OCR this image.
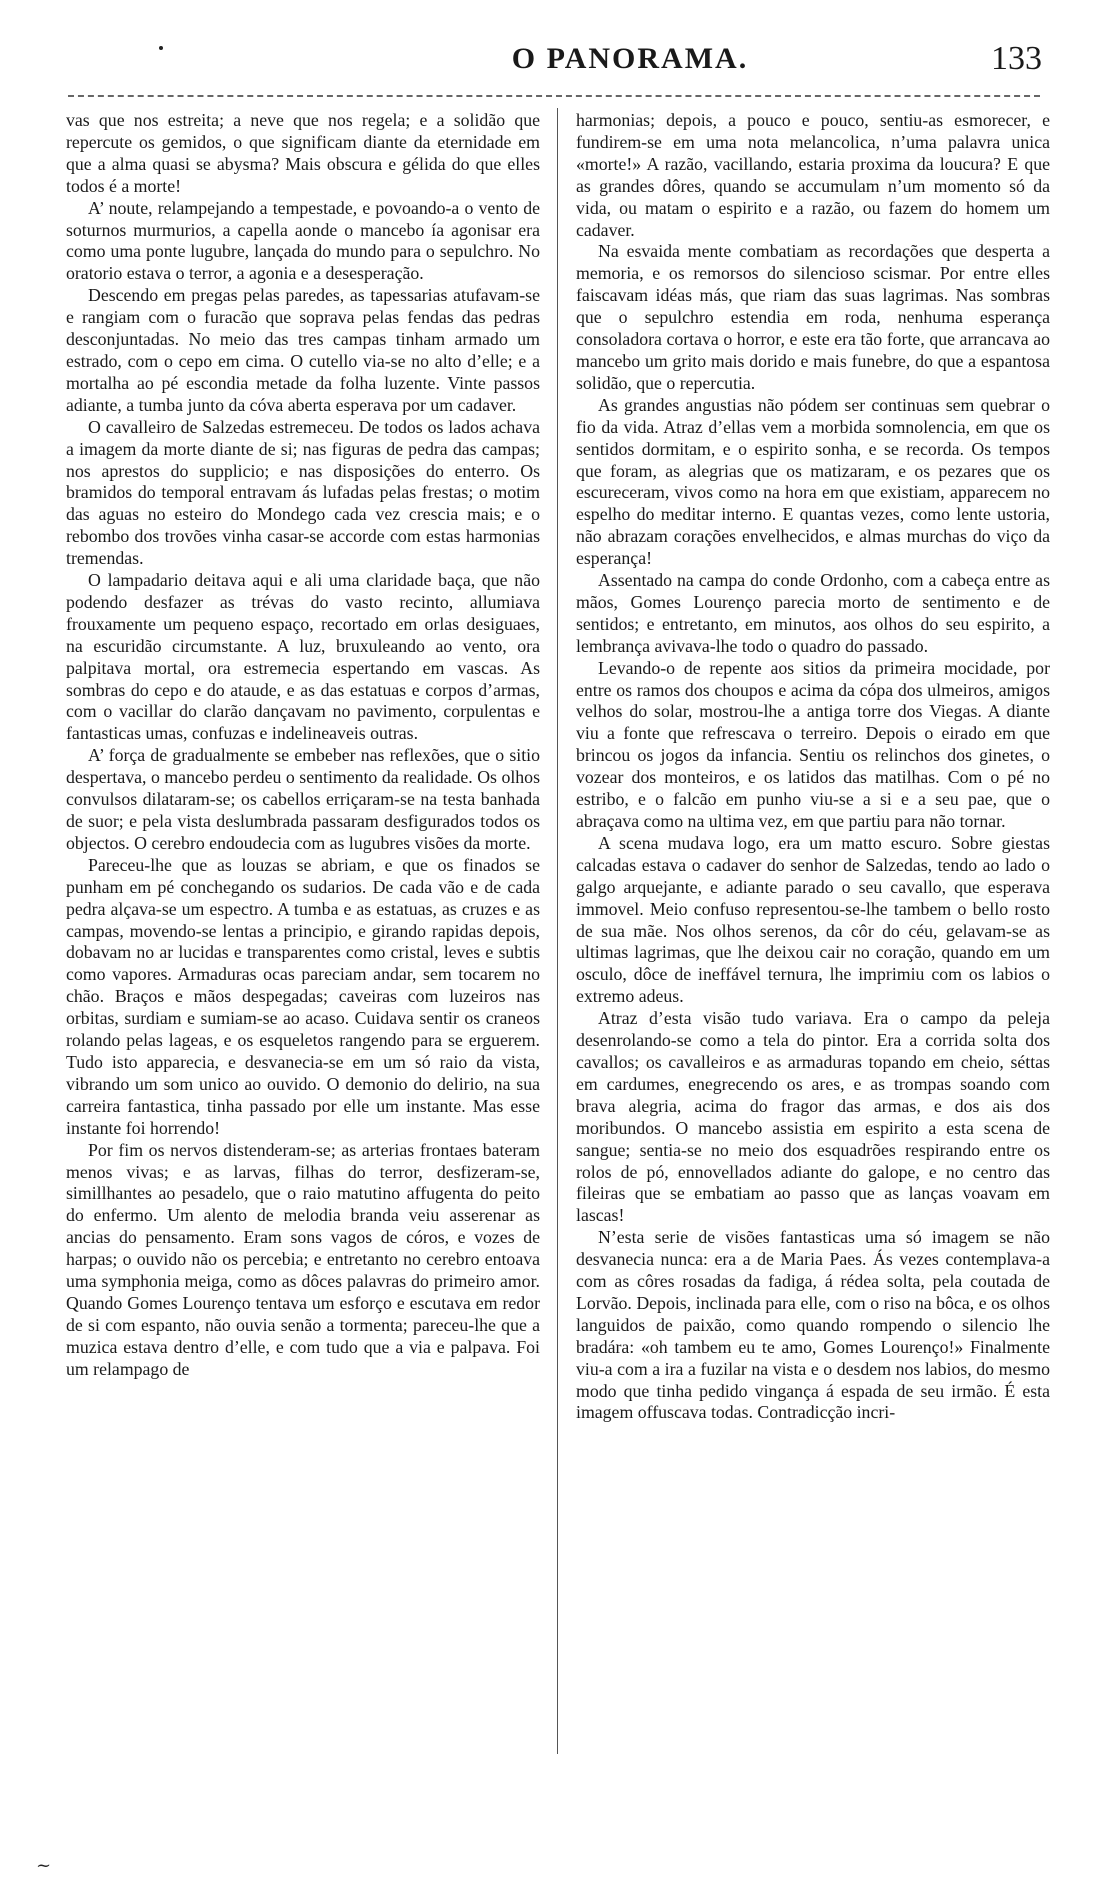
O PANORAMA.	133

vas que nos estreita; a neve que nos regela; e a solidão que repercute os gemidos, o que significam diante da eternidade em que a alma quasi se abysma? Mais obscura e gélida do que elles todos é a morte!

A’ noute, relampejando a tempestade, e povoando-a o vento de soturnos murmurios, a capella aonde o mancebo ía agonisar era como uma ponte lugubre, lançada do mundo para o sepulchro. No oratorio estava o terror, a agonia e a desesperação.

Descendo em pregas pelas paredes, as tapessarias atufavam-se e rangiam com o furacão que soprava pelas fendas das pedras desconjuntadas. No meio das tres campas tinham armado um estrado, com o cepo em cima. O cutello via-se no alto d’elle; e a mortalha ao pé escondia metade da folha luzente. Vinte passos adiante, a tumba junto da cóva aberta esperava por um cadaver.

O cavalleiro de Salzedas estremeceu. De todos os lados achava a imagem da morte diante de si; nas figuras de pedra das campas; nos aprestos do supplicio; e nas disposições do enterro. Os bramidos do temporal entravam ás lufadas pelas frestas; o motim das aguas no esteiro do Mondego cada vez crescia mais; e o rebombo dos trovões vinha casar-se accorde com estas harmonias tremendas.

O lampadario deitava aqui e ali uma claridade baça, que não podendo desfazer as trévas do vasto recinto, allumiava frouxamente um pequeno espaço, recortado em orlas desiguaes, na escuridão circumstante. A luz, bruxuleando ao vento, ora palpitava mortal, ora estremecia espertando em vascas. As sombras do cepo e do ataude, e as das estatuas e corpos d’armas, com o vacillar do clarão dançavam no pavimento, corpulentas e fantasticas umas, confuzas e indelineaveis outras.

A’ força de gradualmente se embeber nas reflexões, que o sitio despertava, o mancebo perdeu o sentimento da realidade. Os olhos convulsos dilataram-se; os cabellos erriçaram-se na testa banhada de suor; e pela vista deslumbrada passaram desfigurados todos os objectos. O cerebro endoudecia com as lugubres visões da morte.

Pareceu-lhe que as louzas se abriam, e que os finados se punham em pé conchegando os sudarios. De cada vão e de cada pedra alçava-se um espectro. A tumba e as estatuas, as cruzes e as campas, movendo-se lentas a principio, e girando rapidas depois, dobavam no ar lucidas e transparentes como cristal, leves e subtis como vapores. Armaduras ocas pareciam andar, sem tocarem no chão. Braços e mãos despegadas; caveiras com luzeiros nas orbitas, surdiam e sumiam-se ao acaso. Cuidava sentir os craneos rolando pelas lageas, e os esqueletos rangendo para se erguerem. Tudo isto apparecia, e desvanecia-se em um só raio da vista, vibrando um som unico ao ouvido. O demonio do delirio, na sua carreira fantastica, tinha passado por elle um instante. Mas esse instante foi horrendo!

Por fim os nervos distenderam-se; as arterias frontaes bateram menos vivas; e as larvas, filhas do terror, desfizeram-se, simillhantes ao pesadelo, que o raio matutino affugenta do peito do enfermo. Um alento de melodia branda veiu asserenar as ancias do pensamento. Eram sons vagos de córos, e vozes de harpas; o ouvido não os percebia; e entretanto no cerebro entoava uma symphonia meiga, como as dôces palavras do primeiro amor. Quando Gomes Lourenço tentava um esforço e escutava em redor de si com espanto, não ouvia senão a tormenta; pareceu-lhe que a muzica estava dentro d’elle, e com tudo que a via e palpava. Foi um relampago de

harmonias; depois, a pouco e pouco, sentiu-as esmorecer, e fundirem-se em uma nota melancolica, n’uma palavra unica «morte!» A razão, vacillando, estaria proxima da loucura? E que as grandes dôres, quando se accumulam n’um momento só da vida, ou matam o espirito e a razão, ou fazem do homem um cadaver.

Na esvaida mente combatiam as recordações que desperta a memoria, e os remorsos do silencioso scismar. Por entre elles faiscavam idéas más, que riam das suas lagrimas. Nas sombras que o sepulchro estendia em roda, nenhuma esperança consoladora cortava o horror, e este era tão forte, que arrancava ao mancebo um grito mais dorido e mais funebre, do que a espantosa solidão, que o repercutia.

As grandes angustias não pódem ser continuas sem quebrar o fio da vida. Atraz d’ellas vem a morbida somnolencia, em que os sentidos dormitam, e o espirito sonha, e se recorda. Os tempos que foram, as alegrias que os matizaram, e os pezares que os escureceram, vivos como na hora em que existiam, apparecem no espelho do meditar interno. E quantas vezes, como lente ustoria, não abrazam corações envelhecidos, e almas murchas do viço da esperança!

Assentado na campa do conde Ordonho, com a cabeça entre as mãos, Gomes Lourenço parecia morto de sentimento e de sentidos; e entretanto, em minutos, aos olhos do seu espirito, a lembrança avivava-lhe todo o quadro do passado.

Levando-o de repente aos sitios da primeira mocidade, por entre os ramos dos choupos e acima da cópa dos ulmeiros, amigos velhos do solar, mostrou-lhe a antiga torre dos Viegas. A diante viu a fonte que refrescava o terreiro. Depois o eirado em que brincou os jogos da infancia. Sentiu os relinchos dos ginetes, o vozear dos monteiros, e os latidos das matilhas. Com o pé no estribo, e o falcão em punho viu-se a si e a seu pae, que o abraçava como na ultima vez, em que partiu para não tornar.

A scena mudava logo, era um matto escuro. Sobre giestas calcadas estava o cadaver do senhor de Salzedas, tendo ao lado o galgo arquejante, e adiante parado o seu cavallo, que esperava immovel. Meio confuso representou-se-lhe tambem o bello rosto de sua mãe. Nos olhos serenos, da côr do céu, gelavam-se as ultimas lagrimas, que lhe deixou cair no coração, quando em um osculo, dôce de ineffável ternura, lhe imprimiu com os labios o extremo adeus.

Atraz d’esta visão tudo variava. Era o campo da peleja desenrolando-se como a tela do pintor. Era a corrida solta dos cavallos; os cavalleiros e as armaduras topando em cheio, séttas em cardumes, enegrecendo os ares, e as trompas soando com brava alegria, acima do fragor das armas, e dos ais dos moribundos. O mancebo assistia em espirito a esta scena de sangue; sentia-se no meio dos esquadrões respirando entre os rolos de pó, ennovellados adiante do galope, e no centro das fileiras que se embatiam ao passo que as lanças voavam em lascas!

N’esta serie de visões fantasticas uma só imagem se não desvanecia nunca: era a de Maria Paes. Ás vezes contemplava-a com as côres rosadas da fadiga, á rédea solta, pela coutada de Lorvão. Depois, inclinada para elle, com o riso na bôca, e os olhos languidos de paixão, como quando rompendo o silencio lhe bradára: «oh tambem eu te amo, Gomes Lourenço!» Finalmente viu-a com a ira a fuzilar na vista e o desdem nos labios, do mesmo modo que tinha pedido vingança á espada de seu irmão. É esta imagem offuscava todas. Contradicção incri-

~
